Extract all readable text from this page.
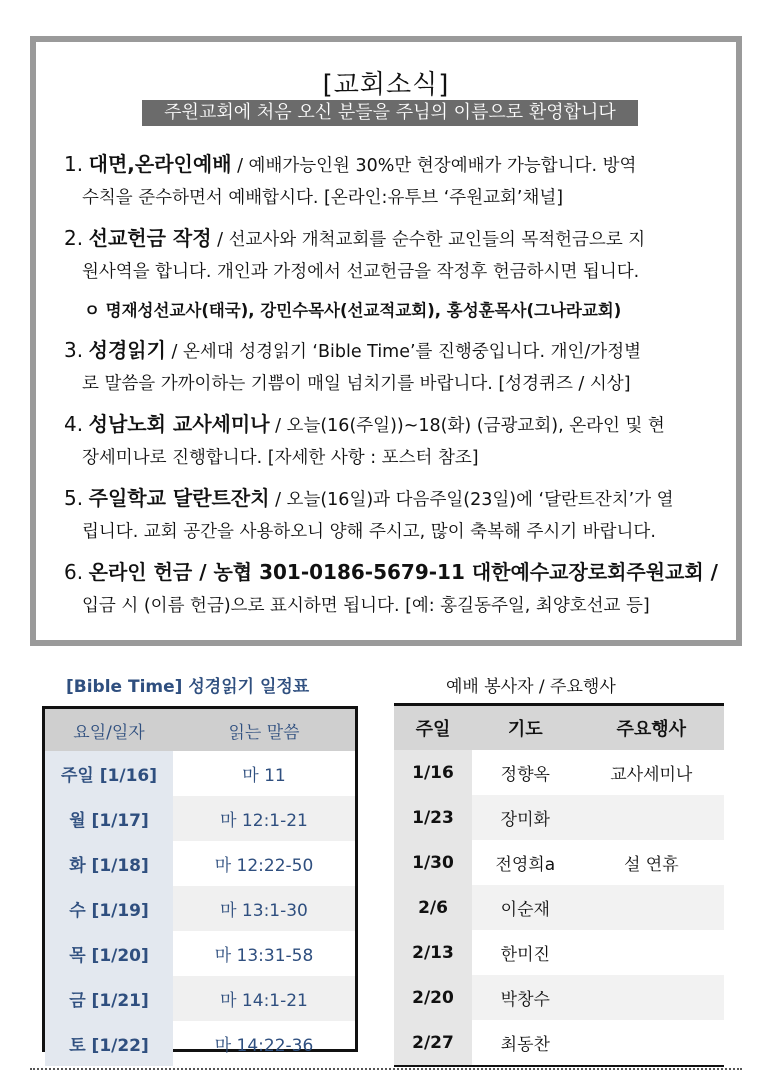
[교회소식]
주원교회에 처음 오신 분들을 주님의 이름으로 환영합니다
1. 대면,온라인예배 / 예배가능인원 30%만 현장예배가 가능합니다. 방역
수칙을 준수하면서 예배합시다. [온라인:유투브 ‘주원교회’채널]
2. 선교헌금 작정 / 선교사와 개척교회를 순수한 교인들의 목적헌금으로 지
원사역을 합니다. 개인과 가정에서 선교헌금을 작정후 헌금하시면 됩니다.
ㅇ 명재성선교사(태국), 강민수목사(선교적교회), 홍성훈목사(그나라교회)
3. 성경읽기 / 온세대 성경읽기 ‘Bible Time’를 진행중입니다. 개인/가정별
로 말씀을 가까이하는 기쁨이 매일 넘치기를 바랍니다. [성경퀴즈 / 시상]
4. 성남노회 교사세미나 / 오늘(16(주일))~18(화) (금광교회), 온라인 및 현
장세미나로 진행합니다. [자세한 사항 : 포스터 참조]
5. 주일학교 달란트잔치 / 오늘(16일)과 다음주일(23일)에 ‘달란트잔치’가 열
립니다. 교회 공간을 사용하오니 양해 주시고, 많이 축복해 주시기 바랍니다.
6. 온라인 헌금 / 농협 301-0186-5679-11 대한예수교장로회주원교회 /
입금 시 (이름 헌금)으로 표시하면 됩니다. [예: 홍길동주일, 최양호선교 등]
[Bible Time] 성경읽기 일정표
요일/일자	읽는 말씀
주일 [1/16]	마 11
월 [1/17]	마 12:1-21
화 [1/18]	마 12:22-50
수 [1/19]	마 13:1-30
목 [1/20]	마 13:31-58
금 [1/21]	마 14:1-21
토 [1/22]	마 14:22-36
예배 봉사자 / 주요행사
주일	기도	주요행사
1/16	정향옥	교사세미나
1/23	장미화	
1/30	전영희a	설 연휴
2/6	이순재	
2/13	한미진	
2/20	박창수	
2/27	최동찬	
